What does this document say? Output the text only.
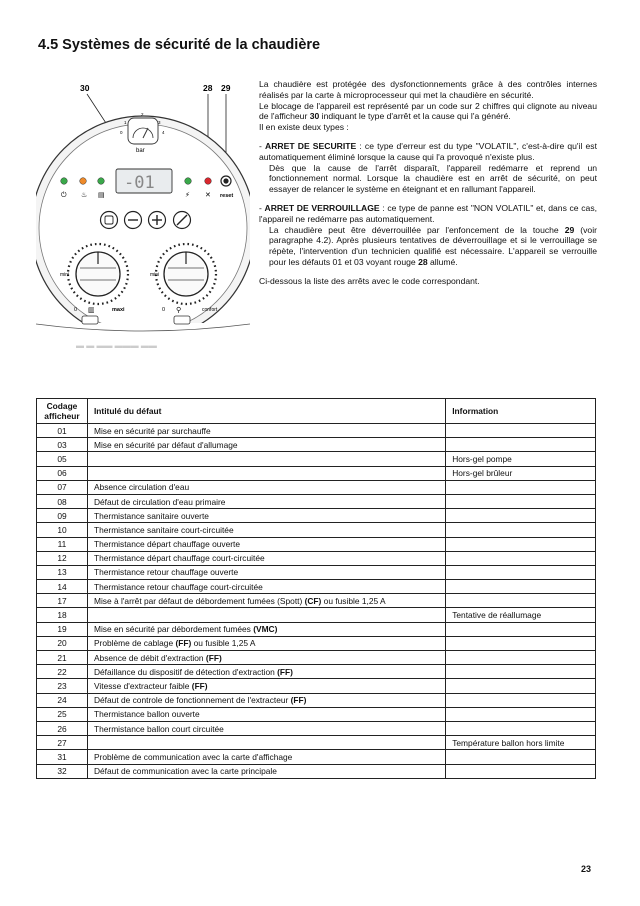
4.5 Systèmes de sécurité de la chaudière
30	28 29
bar
0
1
2
3
4
reset
⏻ ♨ ▤	⚡ ✕
-01
mini
0	maxi
▥
mini
0	confort
⚲
▬ ▬ ▬▬ ▬▬▬ ▬▬

La chaudière est protégée des dysfonctionnements grâce à des contrôles internes réalisés par la carte à microprocesseur qui met la chaudière en sécurité.

Le blocage de l'appareil est représenté par un code sur 2 chiffres qui clignote au niveau de l'afficheur 30 indiquant le type d'arrêt et la cause qui l'a généré.

Il en existe deux types :

- ARRET DE SECURITE : ce type d'erreur est du type "VOLATIL", c'est-à-dire qu'il est automatiquement éliminé lorsque la cause qui l'a provoqué n'existe plus.

Dès que la cause de l'arrêt disparaît, l'appareil redémarre et reprend un fonctionnement normal. Lorsque la chaudière est en arrêt de sécurité, on peut essayer de relancer le système en éteignant et en rallumant l'appareil.

- ARRET DE VERROUILLAGE : ce type de panne est "NON VOLATIL" et, dans ce cas, l'appareil ne redémarre pas automatiquement.

La chaudière peut être déverrouillée par l'enfoncement de la touche 29 (voir paragraphe 4.2). Après plusieurs tentatives de déverrouillage et si le verrouillage se répète, l'intervention d'un technicien qualifié est nécessaire. L'appareil se verrouille pour les défauts 01 et 03 voyant rouge 28 allumé.

Ci-dessous la liste des arrêts avec le code correspondant.

Codage afficheur	Intitulé du défaut	Information
01	Mise en sécurité par surchauffe	
03	Mise en sécurité par défaut d'allumage	
05		Hors-gel pompe
06		Hors-gel brûleur
07	Absence circulation d'eau	
08	Défaut de circulation d'eau primaire	
09	Thermistance sanitaire ouverte	
10	Thermistance sanitaire court-circuitée	
11	Thermistance départ chauffage ouverte	
12	Thermistance départ chauffage court-circuitée	
13	Thermistance retour chauffage ouverte	
14	Thermistance retour chauffage court-circuitée	
17	Mise à l'arrêt par défaut de débordement fumées (Spott) (CF) ou fusible 1,25 A	
18		Tentative de réallumage
19	Mise en sécurité par débordement fumées (VMC)	
20	Problème de cablage (FF) ou fusible 1,25 A	
21	Absence de débit d'extraction (FF)	
22	Défaillance du dispositif de détection d'extraction (FF)	
23	Vitesse d'extracteur faible (FF)	
24	Défaut de controle de fonctionnement de l'extracteur (FF)	
25	Thermistance ballon ouverte	
26	Thermistance ballon court circuitée	
27		Température ballon hors limite
31	Problème de communication avec la carte d'affichage	
32	Défaut de communication avec la carte principale	
23
